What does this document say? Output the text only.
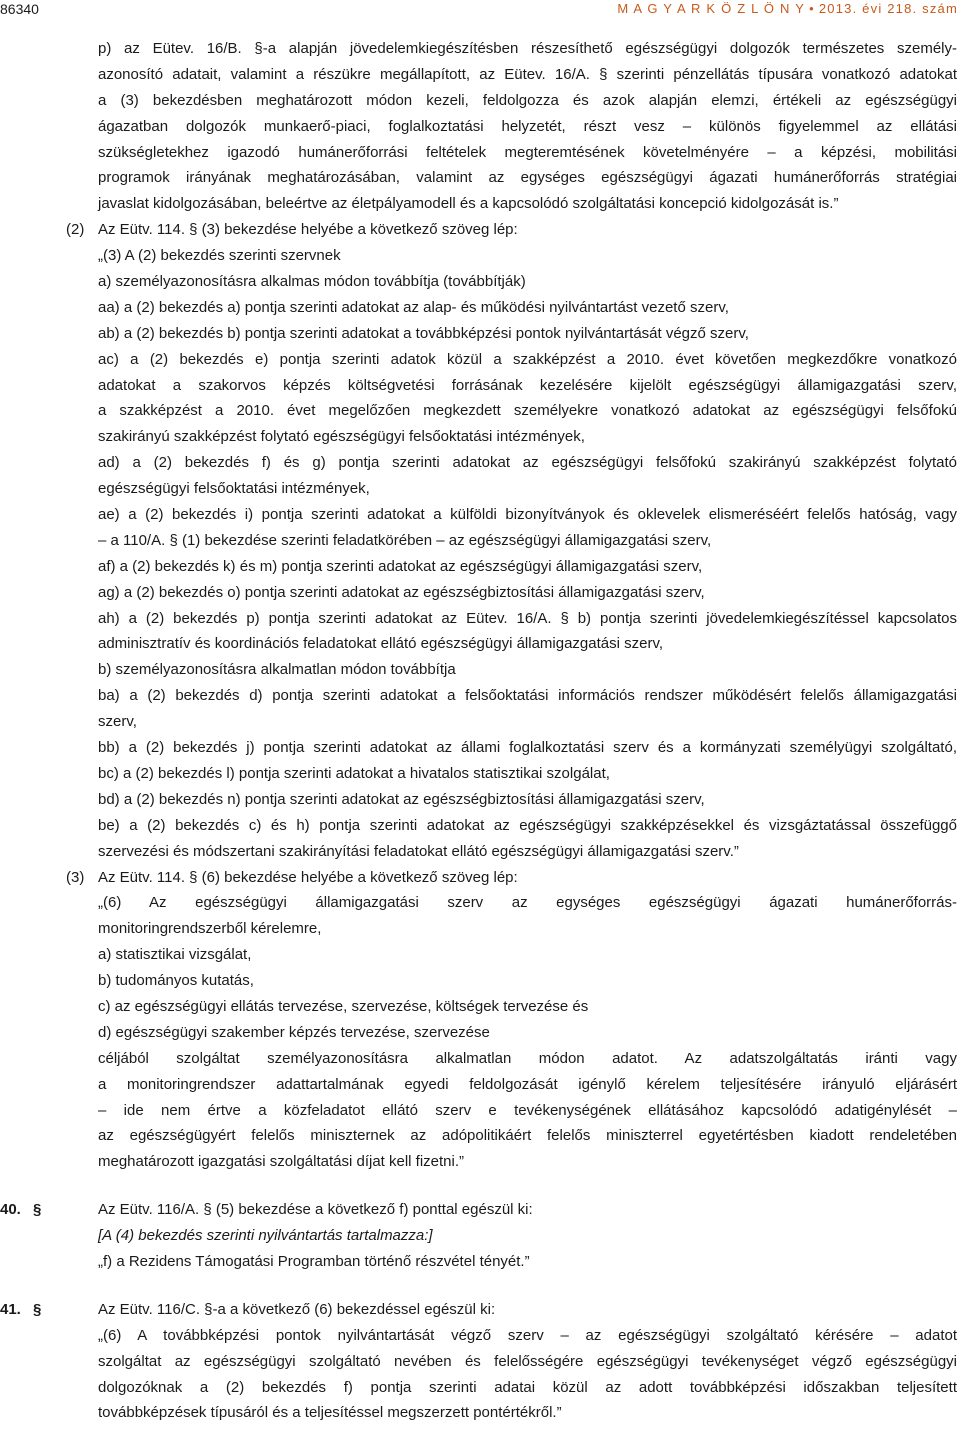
86340	M A G Y A R K Ö Z L Ö N Y • 2013. évi 218. szám
p) az Eütev. 16/B. §-a alapján jövedelemkiegészítésben részesíthető egészségügyi dolgozók természetes személy-
azonosító adatait, valamint a részükre megállapított, az Eütev. 16/A. § szerinti pénzellátás típusára vonatkozó adatokat
a (3) bekezdésben meghatározott módon kezeli, feldolgozza és azok alapján elemzi, értékeli az egészségügyi
ágazatban dolgozók munkaerő-piaci, foglalkoztatási helyzetét, részt vesz – különös figyelemmel az ellátási
szükségletekhez igazodó humánerőforrási feltételek megteremtésének követelményére – a képzési, mobilitási
programok irányának meghatározásában, valamint az egységes egészségügyi ágazati humánerőforrás stratégiai
javaslat kidolgozásában, beleértve az életpályamodell és a kapcsolódó szolgáltatási koncepció kidolgozását is.”
(2) Az Eütv. 114. § (3) bekezdése helyébe a következő szöveg lép:
„(3) A (2) bekezdés szerinti szervnek
a) személyazonosításra alkalmas módon továbbítja (továbbítják)
aa) a (2) bekezdés a) pontja szerinti adatokat az alap- és működési nyilvántartást vezető szerv,
ab) a (2) bekezdés b) pontja szerinti adatokat a továbbképzési pontok nyilvántartását végző szerv,
ac) a (2) bekezdés e) pontja szerinti adatok közül a szakképzést a 2010. évet követően megkezdőkre vonatkozó
adatokat a szakorvos képzés költségvetési forrásának kezelésére kijelölt egészségügyi államigazgatási szerv,
a szakképzést a 2010. évet megelőzően megkezdett személyekre vonatkozó adatokat az egészségügyi felsőfokú
szakirányú szakképzést folytató egészségügyi felsőoktatási intézmények,
ad) a (2) bekezdés f) és g) pontja szerinti adatokat az egészségügyi felsőfokú szakirányú szakképzést folytató
egészségügyi felsőoktatási intézmények,
ae) a (2) bekezdés i) pontja szerinti adatokat a külföldi bizonyítványok és oklevelek elismeréséért felelős hatóság, vagy
– a 110/A. § (1) bekezdése szerinti feladatkörében – az egészségügyi államigazgatási szerv,
af) a (2) bekezdés k) és m) pontja szerinti adatokat az egészségügyi államigazgatási szerv,
ag) a (2) bekezdés o) pontja szerinti adatokat az egészségbiztosítási államigazgatási szerv,
ah) a (2) bekezdés p) pontja szerinti adatokat az Eütev. 16/A. § b) pontja szerinti jövedelemkiegészítéssel kapcsolatos
adminisztratív és koordinációs feladatokat ellátó egészségügyi államigazgatási szerv,
b) személyazonosításra alkalmatlan módon továbbítja
ba) a (2) bekezdés d) pontja szerinti adatokat a felsőoktatási információs rendszer működésért felelős államigazgatási
szerv,
bb) a (2) bekezdés j) pontja szerinti adatokat az állami foglalkoztatási szerv és a kormányzati személyügyi szolgáltató,
bc) a (2) bekezdés l) pontja szerinti adatokat a hivatalos statisztikai szolgálat,
bd) a (2) bekezdés n) pontja szerinti adatokat az egészségbiztosítási államigazgatási szerv,
be) a (2) bekezdés c) és h) pontja szerinti adatokat az egészségügyi szakképzésekkel és vizsgáztatással összefüggő
szervezési és módszertani szakirányítási feladatokat ellátó egészségügyi államigazgatási szerv.”
(3) Az Eütv. 114. § (6) bekezdése helyébe a következő szöveg lép:
„(6) Az egészségügyi államigazgatási szerv az egységes egészségügyi ágazati humánerőforrás-
monitoringrendszerből kérelemre,
a) statisztikai vizsgálat,
b) tudományos kutatás,
c) az egészségügyi ellátás tervezése, szervezése, költségek tervezése és
d) egészségügyi szakember képzés tervezése, szervezése
céljából szolgáltat személyazonosításra alkalmatlan módon adatot. Az adatszolgáltatás iránti vagy
a monitoringrendszer adattartalmának egyedi feldolgozását igénylő kérelem teljesítésére irányuló eljárásért
– ide nem értve a közfeladatot ellátó szerv e tevékenységének ellátásához kapcsolódó adatigénylését –
az egészségügyért felelős miniszternek az adópolitikáért felelős miniszterrel egyetértésben kiadott rendeletében
meghatározott igazgatási szolgáltatási díjat kell fizetni.”
40. §	Az Eütv. 116/A. § (5) bekezdése a következő f) ponttal egészül ki:
[A (4) bekezdés szerinti nyilvántartás tartalmazza:]
„f) a Rezidens Támogatási Programban történő részvétel tényét.”
41. §	Az Eütv. 116/C. §-a a következő (6) bekezdéssel egészül ki:
„(6) A továbbképzési pontok nyilvántartását végző szerv – az egészségügyi szolgáltató kérésére – adatot
szolgáltat az egészségügyi szolgáltató nevében és felelősségére egészségügyi tevékenységet végző egészségügyi
dolgozóknak a (2) bekezdés f) pontja szerinti adatai közül az adott továbbképzési időszakban teljesített
továbbképzések típusáról és a teljesítéssel megszerzett pontértékről.”
